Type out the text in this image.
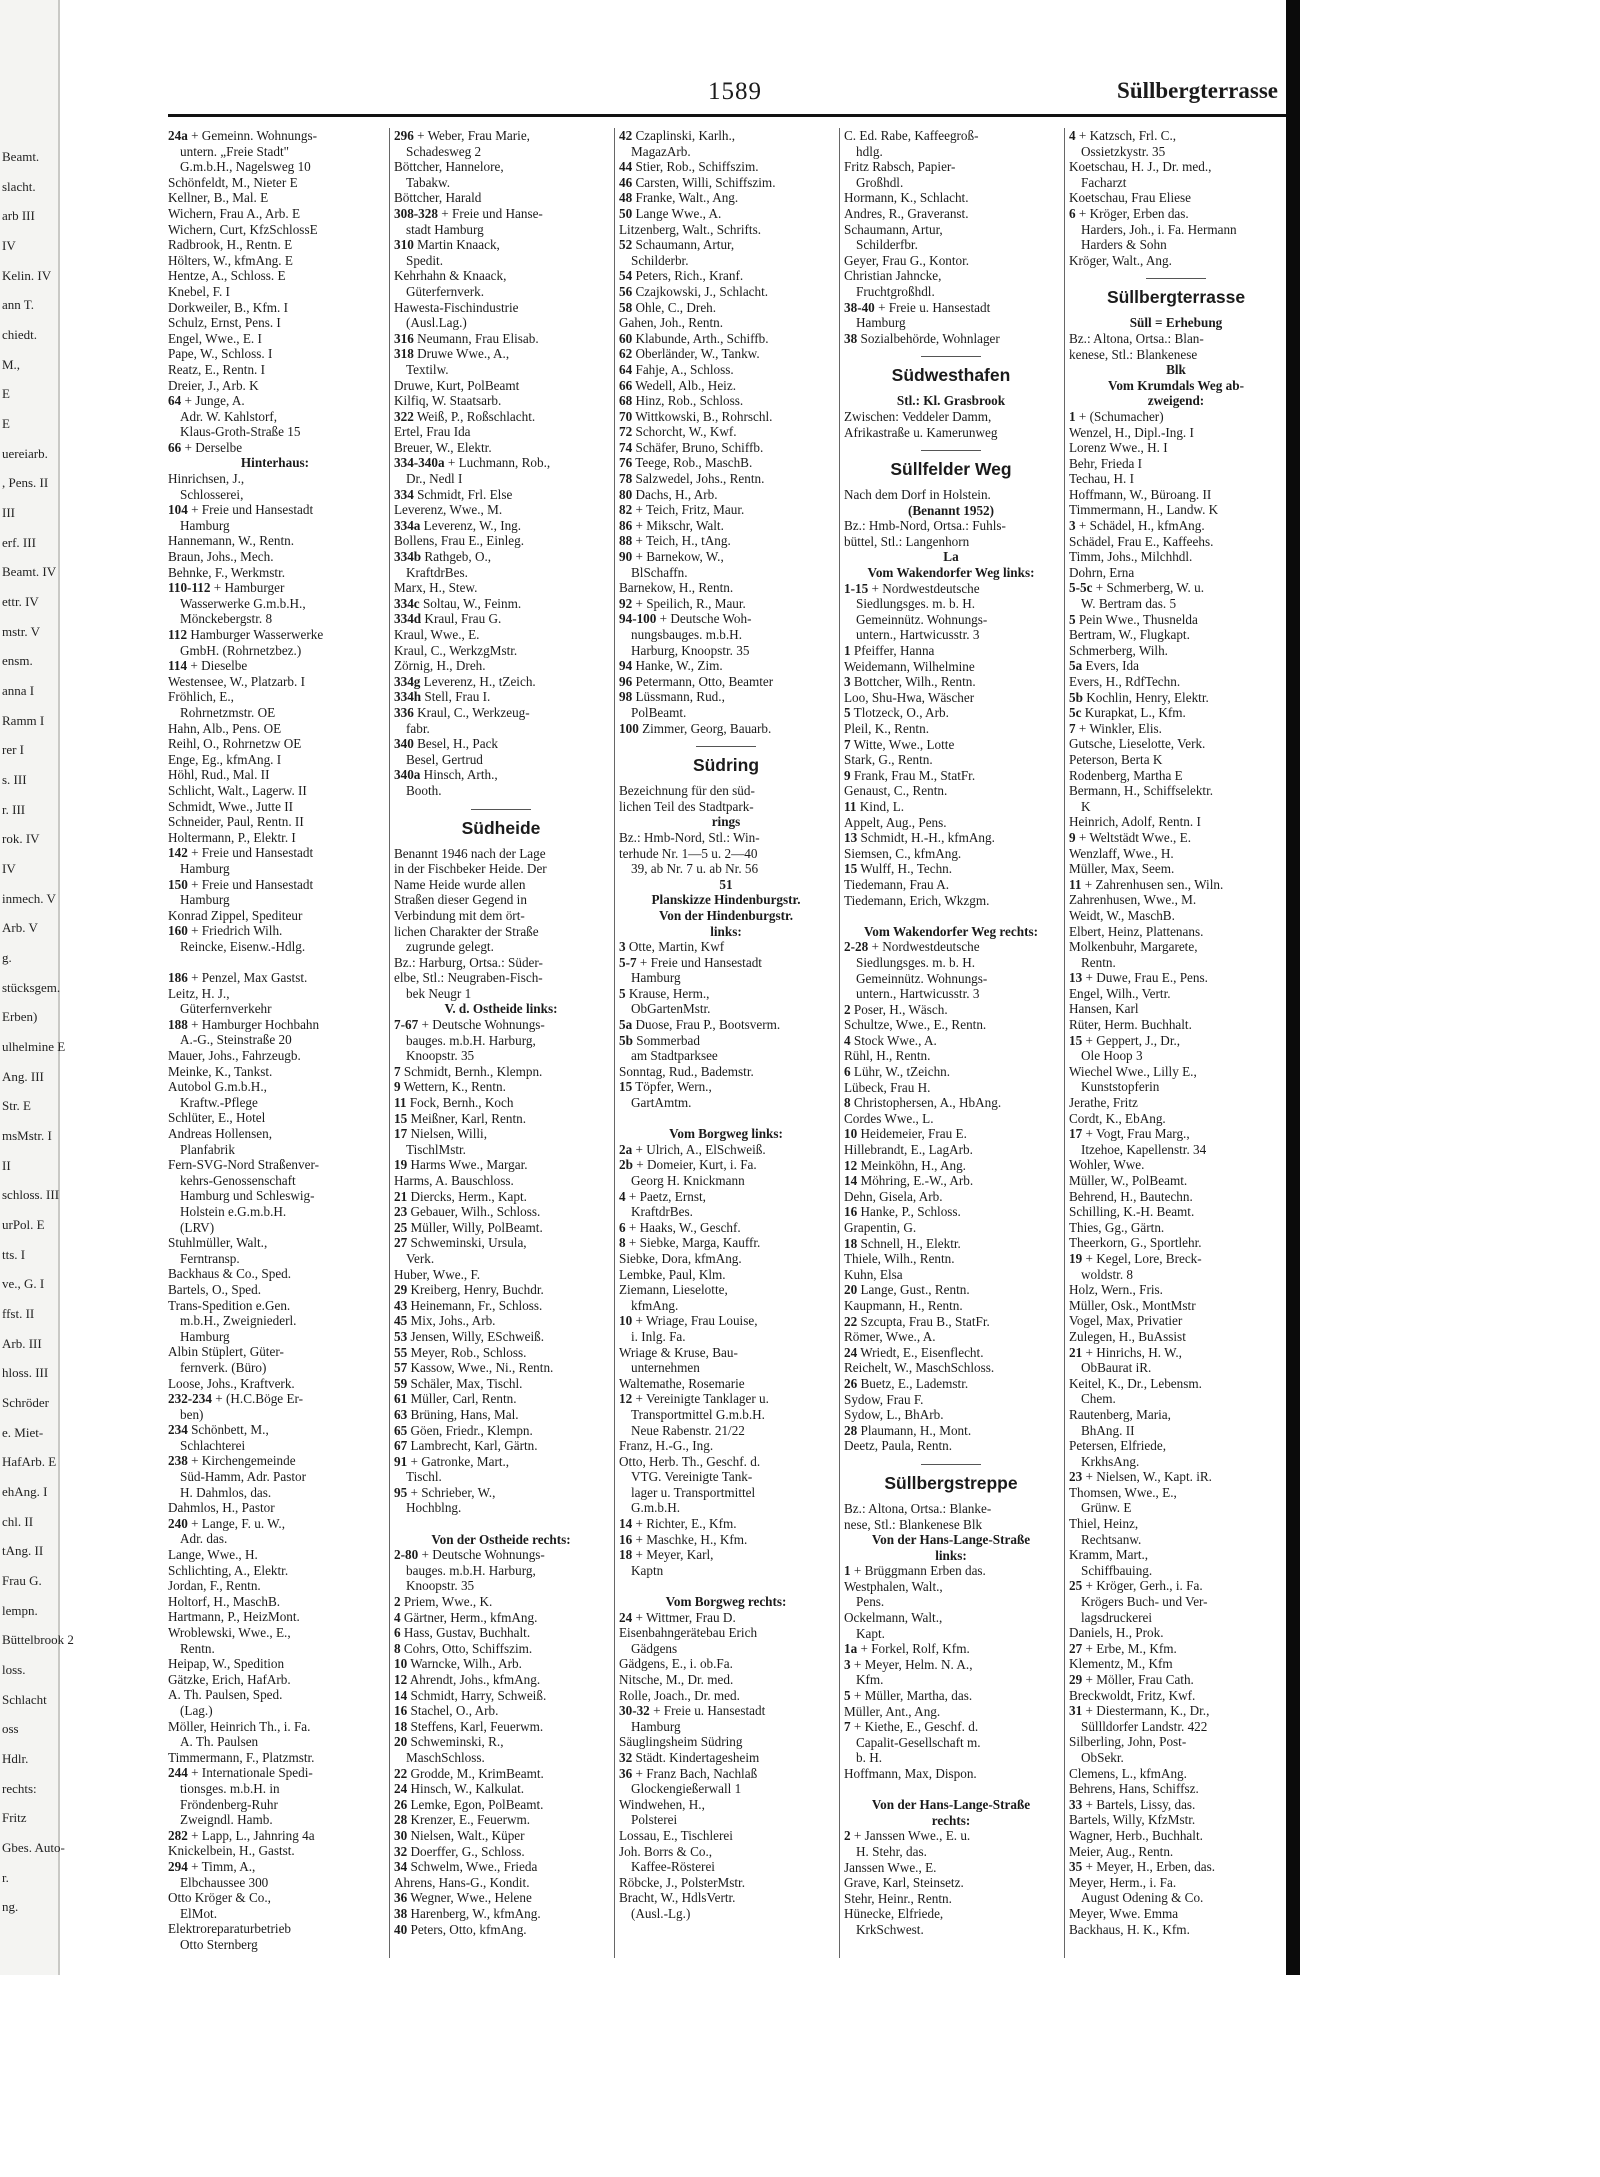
Beamt.
slacht.
arb III
IV
Kelin. IV
ann T.
chiedt.
M.,
E
E
uereiarb.
, Pens. II
III
erf. III
Beamt. IV
ettr. IV
mstr. V
ensm.
anna I
Ramm I
rer I
s. III
r. III
rok. IV
IV
inmech. V
Arb. V
g.
stücksgem.
Erben)
ulhelmine E
Ang. III
Str. E
msMstr. I
II
schloss. III
urPol. E
tts. I
ve., G. I
ffst. II
Arb. III
hloss. III
Schröder
e. Miet-
HafArb. E
ehAng. I
chl. II
tAng. II
Frau G.
lempn.
Büttelbrook 2
loss.
Schlacht
oss
Hdlr.
rechts:
Fritz
Gbes. Auto-
r.
ng.
1589	Süllbergterrasse
24a + Gemeinn. Wohnungs-
untern. „Freie Stadt"
G.m.b.H., Nagelsweg 10
Schönfeldt, M., Nieter E
Kellner, B., Mal. E
Wichern, Frau A., Arb. E
Wichern, Curt, KfzSchlossE
Radbrook, H., Rentn. E
Hölters, W., kfmAng. E
Hentze, A., Schloss. E
Knebel, F. I
Dorkweiler, B., Kfm. I
Schulz, Ernst, Pens. I
Engel, Wwe., E. I
Pape, W., Schloss. I
Reatz, E., Rentn. I
Dreier, J., Arb. K
64 + Junge, A.
Adr. W. Kahlstorf,
Klaus-Groth-Straße 15
66 + Derselbe
Hinterhaus:
Hinrichsen, J.,
Schlosserei,
104 + Freie und Hansestadt
Hamburg
Hannemann, W., Rentn.
Braun, Johs., Mech.
Behnke, F., Werkmstr.
110-112 + Hamburger
Wasserwerke G.m.b.H.,
Mönckebergstr. 8
112 Hamburger Wasserwerke
GmbH. (Rohrnetzbez.)
114 + Dieselbe
Westensee, W., Platzarb. I
Fröhlich, E.,
Rohrnetzmstr. OE
Hahn, Alb., Pens. OE
Reihl, O., Rohrnetzw OE
Enge, Eg., kfmAng. I
Höhl, Rud., Mal. II
Schlicht, Walt., Lagerw. II
Schmidt, Wwe., Jutte II
Schneider, Paul, Rentn. II
Holtermann, P., Elektr. I
142 + Freie und Hansestadt
Hamburg
150 + Freie und Hansestadt
Hamburg
Konrad Zippel, Spediteur
160 + Friedrich Wilh.
Reincke, Eisenw.-Hdlg.

186 + Penzel, Max Gastst.
Leitz, H. J.,
Güterfernverkehr
188 + Hamburger Hochbahn
A.-G., Steinstraße 20
Mauer, Johs., Fahrzeugb.
Meinke, K., Tankst.
Autobol G.m.b.H.,
Kraftw.-Pflege
Schlüter, E., Hotel
Andreas Hollensen,
Planfabrik
Fern-SVG-Nord Straßenver-
kehrs-Genossenschaft
Hamburg und Schleswig-
Holstein e.G.m.b.H.
(LRV)
Stuhlmüller, Walt.,
Ferntransp.
Backhaus & Co., Sped.
Bartels, O., Sped.
Trans-Spedition e.Gen.
m.b.H., Zweigniederl.
Hamburg
Albin Stüplert, Güter-
fernverk. (Büro)
Loose, Johs., Kraftverk.
232-234 + (H.C.Böge Er-
ben)
234 Schönbett, M.,
Schlachterei
238 + Kirchengemeinde
Süd-Hamm, Adr. Pastor
H. Dahmlos, das.
Dahmlos, H., Pastor
240 + Lange, F. u. W.,
Adr. das.
Lange, Wwe., H.
Schlichting, A., Elektr.
Jordan, F., Rentn.
Holtorf, H., MaschB.
Hartmann, P., HeizMont.
Wroblewski, Wwe., E.,
Rentn.
Heipap, W., Spedition
Gätzke, Erich, HafArb.
A. Th. Paulsen, Sped.
(Lag.)
Möller, Heinrich Th., i. Fa.
A. Th. Paulsen
Timmermann, F., Platzmstr.
244 + Internationale Spedi-
tionsges. m.b.H. in
Fröndenberg-Ruhr
Zweigndl. Hamb.
282 + Lapp, L., Jahnring 4a
Knickelbein, H., Gastst.
294 + Timm, A.,
Elbchaussee 300
Otto Kröger & Co.,
ElMot.
Elektroreparaturbetrieb
Otto Sternberg
296 + Weber, Frau Marie,
Schadesweg 2
Böttcher, Hannelore,
Tabakw.
Böttcher, Harald
308-328 + Freie und Hanse-
stadt Hamburg
310 Martin Knaack,
Spedit.
Kehrhahn & Knaack,
Güterfernverk.
Hawesta-Fischindustrie
(Ausl.Lag.)
316 Neumann, Frau Elisab.
318 Druwe Wwe., A.,
Textilw.
Druwe, Kurt, PolBeamt
Kilfiq, W. Staatsarb.
322 Weiß, P., Roßschlacht.
Ertel, Frau Ida
Breuer, W., Elektr.
334-340a + Luchmann, Rob.,
Dr., Nedl I
334 Schmidt, Frl. Else
Leverenz, Wwe., M.
334a Leverenz, W., Ing.
Bollens, Frau E., Einleg.
334b Rathgeb, O.,
KraftdrBes.
Marx, H., Stew.
334c Soltau, W., Feinm.
334d Kraul, Frau G.
Kraul, Wwe., E.
Kraul, C., WerkzgMstr.
Zörnig, H., Dreh.
334g Leverenz, H., tZeich.
334h Stell, Frau I.
336 Kraul, C., Werkzeug-
fabr.
340 Besel, H., Pack
Besel, Gertrud
340a Hinsch, Arth.,
Booth.
Südheide
Benannt 1946 nach der Lage
in der Fischbeker Heide. Der
Name Heide wurde allen
Straßen dieser Gegend in
Verbindung mit dem ört-
lichen Charakter der Straße
zugrunde gelegt.
Bz.: Harburg, Ortsa.: Süder-
elbe, Stl.: Neugraben-Fisch-
bek Neugr 1
V. d. Ostheide links:
7-67 + Deutsche Wohnungs-
bauges. m.b.H. Harburg,
Knoopstr. 35
7 Schmidt, Bernh., Klempn.
9 Wettern, K., Rentn.
11 Fock, Bernh., Koch
15 Meißner, Karl, Rentn.
17 Nielsen, Willi,
TischlMstr.
19 Harms Wwe., Margar.
Harms, A. Bauschloss.
21 Diercks, Herm., Kapt.
23 Gebauer, Wilh., Schloss.
25 Müller, Willy, PolBeamt.
27 Schweminski, Ursula,
Verk.
Huber, Wwe., F.
29 Kreiberg, Henry, Buchdr.
43 Heinemann, Fr., Schloss.
45 Mix, Johs., Arb.
53 Jensen, Willy, ESchweiß.
55 Meyer, Rob., Schloss.
57 Kassow, Wwe., Ni., Rentn.
59 Schäler, Max, Tischl.
61 Müller, Carl, Rentn.
63 Brüning, Hans, Mal.
65 Göen, Friedr., Klempn.
67 Lambrecht, Karl, Gärtn.
91 + Gatronke, Mart.,
Tischl.
95 + Schrieber, W.,
Hochblng.

Von der Ostheide rechts:
2-80 + Deutsche Wohnungs-
bauges. m.b.H. Harburg,
Knoopstr. 35
2 Priem, Wwe., K.
4 Gärtner, Herm., kfmAng.
6 Hass, Gustav, Buchhalt.
8 Cohrs, Otto, Schiffszim.
10 Warncke, Wilh., Arb.
12 Ahrendt, Johs., kfmAng.
14 Schmidt, Harry, Schweiß.
16 Stachel, O., Arb.
18 Steffens, Karl, Feuerwm.
20 Schweminski, R.,
MaschSchloss.
22 Grodde, M., KrimBeamt.
24 Hinsch, W., Kalkulat.
26 Lemke, Egon, PolBeamt.
28 Krenzer, E., Feuerwm.
30 Nielsen, Walt., Küper
32 Doerffer, G., Schloss.
34 Schwelm, Wwe., Frieda
Ahrens, Hans-G., Kondit.
36 Wegner, Wwe., Helene
38 Harenberg, W., kfmAng.
40 Peters, Otto, kfmAng.
42 Czaplinski, Karlh.,
MagazArb.
44 Stier, Rob., Schiffszim.
46 Carsten, Willi, Schiffszim.
48 Franke, Walt., Ang.
50 Lange Wwe., A.
Litzenberg, Walt., Schrifts.
52 Schaumann, Artur,
Schilderbr.
54 Peters, Rich., Kranf.
56 Czajkowski, J., Schlacht.
58 Ohle, C., Dreh.
Gahen, Joh., Rentn.
60 Klabunde, Arth., Schiffb.
62 Oberländer, W., Tankw.
64 Fahje, A., Schloss.
66 Wedell, Alb., Heiz.
68 Hinz, Rob., Schloss.
70 Wittkowski, B., Rohrschl.
72 Schorcht, W., Kwf.
74 Schäfer, Bruno, Schiffb.
76 Teege, Rob., MaschB.
78 Salzwedel, Johs., Rentn.
80 Dachs, H., Arb.
82 + Teich, Fritz, Maur.
86 + Mikschr, Walt.
88 + Teich, H., tAng.
90 + Barnekow, W.,
BlSchaffn.
Barnekow, H., Rentn.
92 + Speilich, R., Maur.
94-100 + Deutsche Woh-
nungsbauges. m.b.H.
Harburg, Knoopstr. 35
94 Hanke, W., Zim.
96 Petermann, Otto, Beamter
98 Lüssmann, Rud.,
PolBeamt.
100 Zimmer, Georg, Bauarb.
Südring
Bezeichnung für den süd-
lichen Teil des Stadtpark-
rings
Bz.: Hmb-Nord, Stl.: Win-
terhude Nr. 1—5 u. 2—40
39, ab Nr. 7 u. ab Nr. 56
51
Planskizze Hindenburgstr.
Von der Hindenburgstr.
links:
3 Otte, Martin, Kwf
5-7 + Freie und Hansestadt
Hamburg
5 Krause, Herm.,
ObGartenMstr.
5a Duose, Frau P., Bootsverm.
5b Sommerbad
am Stadtparksee
Sonntag, Rud., Bademstr.
15 Töpfer, Wern.,
GartAmtm.

Vom Borgweg links:
2a + Ulrich, A., ElSchweiß.
2b + Domeier, Kurt, i. Fa.
Georg H. Knickmann
4 + Paetz, Ernst,
KraftdrBes.
6 + Haaks, W., Geschf.
8 + Siebke, Marga, Kauffr.
Siebke, Dora, kfmAng.
Lembke, Paul, Klm.
Ziemann, Lieselotte,
kfmAng.
10 + Wriage, Frau Louise,
i. Inlg. Fa.
Wriage & Kruse, Bau-
unternehmen
Waltemathe, Rosemarie
12 + Vereinigte Tanklager u.
Transportmittel G.m.b.H.
Neue Rabenstr. 21/22
Franz, H.-G., Ing.
Otto, Herb. Th., Geschf. d.
VTG. Vereinigte Tank-
lager u. Transportmittel
G.m.b.H.
14 + Richter, E., Kfm.
16 + Maschke, H., Kfm.
18 + Meyer, Karl,
Kaptn

Vom Borgweg rechts:
24 + Wittmer, Frau D.
Eisenbahngerätebau Erich
Gädgens
Gädgens, E., i. ob.Fa.
Nitsche, M., Dr. med.
Rolle, Joach., Dr. med.
30-32 + Freie u. Hansestadt
Hamburg
Säuglingsheim Südring
32 Städt. Kindertagesheim
36 + Franz Bach, Nachlaß
Glockengießerwall 1
Windwehen, H.,
Polsterei
Lossau, E., Tischlerei
Joh. Borrs & Co.,
Kaffee-Rösterei
Röbcke, J., PolsterMstr.
Bracht, W., HdlsVertr.
(Ausl.-Lg.)
C. Ed. Rabe, Kaffeegroß-
hdlg.
Fritz Rabsch, Papier-
Großhdl.
Hormann, K., Schlacht.
Andres, R., Graveranst.
Schaumann, Artur,
Schilderfbr.
Geyer, Frau G., Kontor.
Christian Jahncke,
Fruchtgroßhdl.
38-40 + Freie u. Hansestadt
Hamburg
38 Sozialbehörde, Wohnlager
Südwesthafen
Stl.: Kl. Grasbrook
Zwischen: Veddeler Damm,
Afrikastraße u. Kamerunweg
Süllfelder Weg
Nach dem Dorf in Holstein.
(Benannt 1952)
Bz.: Hmb-Nord, Ortsa.: Fuhls-
büttel, Stl.: Langenhorn
La
Vom Wakendorfer Weg links:
1-15 + Nordwestdeutsche
Siedlungsges. m. b. H.
Gemeinnütz. Wohnungs-
untern., Hartwicusstr. 3
1 Pfeiffer, Hanna
Weidemann, Wilhelmine
3 Bottcher, Wilh., Rentn.
Loo, Shu-Hwa, Wäscher
5 Tlotzeck, O., Arb.
Pleil, K., Rentn.
7 Witte, Wwe., Lotte
Stark, G., Rentn.
9 Frank, Frau M., StatFr.
Genaust, C., Rentn.
11 Kind, L.
Appelt, Aug., Pens.
13 Schmidt, H.-H., kfmAng.
Siemsen, C., kfmAng.
15 Wulff, H., Techn.
Tiedemann, Frau A.
Tiedemann, Erich, Wkzgm.

Vom Wakendorfer Weg rechts:
2-28 + Nordwestdeutsche
Siedlungsges. m. b. H.
Gemeinnütz. Wohnungs-
untern., Hartwicusstr. 3
2 Poser, H., Wäsch.
Schultze, Wwe., E., Rentn.
4 Stock Wwe., A.
Rühl, H., Rentn.
6 Lühr, W., tZeichn.
Lübeck, Frau H.
8 Christophersen, A., HbAng.
Cordes Wwe., L.
10 Heidemeier, Frau E.
Hillebrandt, E., LagArb.
12 Meinköhn, H., Ang.
14 Möhring, E.-W., Arb.
Dehn, Gisela, Arb.
16 Hanke, P., Schloss.
Grapentin, G.
18 Schnell, H., Elektr.
Thiele, Wilh., Rentn.
Kuhn, Elsa
20 Lange, Gust., Rentn.
Kaupmann, H., Rentn.
22 Szcupta, Frau B., StatFr.
Römer, Wwe., A.
24 Wriedt, E., Eisenflecht.
Reichelt, W., MaschSchloss.
26 Buetz, E., Lademstr.
Sydow, Frau F.
Sydow, L., BhArb.
28 Plaumann, H., Mont.
Deetz, Paula, Rentn.
Süllbergstreppe
Bz.: Altona, Ortsa.: Blanke-
nese, Stl.: Blankenese Blk
Von der Hans-Lange-Straße
links:
1 + Brüggmann Erben das.
Westphalen, Walt.,
Pens.
Ockelmann, Walt.,
Kapt.
1a + Forkel, Rolf, Kfm.
3 + Meyer, Helm. N. A.,
Kfm.
5 + Müller, Martha, das.
Müller, Ant., Ang.
7 + Kiethe, E., Geschf. d.
Capalit-Gesellschaft m.
b. H.
Hoffmann, Max, Dispon.

Von der Hans-Lange-Straße
rechts:
2 + Janssen Wwe., E. u.
H. Stehr, das.
Janssen Wwe., E.
Grave, Karl, Steinsetz.
Stehr, Heinr., Rentn.
Hünecke, Elfriede,
KrkSchwest.
4 + Katzsch, Frl. C.,
Ossietzkystr. 35
Koetschau, H. J., Dr. med.,
Facharzt
Koetschau, Frau Eliese
6 + Kröger, Erben das.
Harders, Joh., i. Fa. Hermann
Harders & Sohn
Kröger, Walt., Ang.
Süllbergterrasse
Süll = Erhebung
Bz.: Altona, Ortsa.: Blan-
kenese, Stl.: Blankenese
Blk
Vom Krumdals Weg ab-
zweigend:
1 + (Schumacher)
Wenzel, H., Dipl.-Ing. I
Lorenz Wwe., H. I
Behr, Frieda I
Techau, H. I
Hoffmann, W., Büroang. II
Timmermann, H., Landw. K
3 + Schädel, H., kfmAng.
Schädel, Frau E., Kaffeehs.
Timm, Johs., Milchhdl.
Dohrn, Erna
5-5c + Schmerberg, W. u.
W. Bertram das. 5
5 Pein Wwe., Thusnelda
Bertram, W., Flugkapt.
Schmerberg, Wilh.
5a Evers, Ida
Evers, H., RdfTechn.
5b Kochlin, Henry, Elektr.
5c Kurapkat, L., Kfm.
7 + Winkler, Elis.
Gutsche, Lieselotte, Verk.
Peterson, Berta K
Rodenberg, Martha E
Bermann, H., Schiffselektr.
K
Heinrich, Adolf, Rentn. I
9 + Weltstädt Wwe., E.
Wenzlaff, Wwe., H.
Müller, Max, Seem.
11 + Zahrenhusen sen., Wiln.
Zahrenhusen, Wwe., M.
Weidt, W., MaschB.
Elbert, Heinz, Plattenans.
Molkenbuhr, Margarete,
Rentn.
13 + Duwe, Frau E., Pens.
Engel, Wilh., Vertr.
Hansen, Karl
Rüter, Herm. Buchhalt.
15 + Geppert, J., Dr.,
Ole Hoop 3
Wiechel Wwe., Lilly E.,
Kunststopferin
Jerathe, Fritz
Cordt, K., EbAng.
17 + Vogt, Frau Marg.,
Itzehoe, Kapellenstr. 34
Wohler, Wwe.
Müller, W., PolBeamt.
Behrend, H., Bautechn.
Schilling, K.-H. Beamt.
Thies, Gg., Gärtn.
Theerkorn, G., Sportlehr.
19 + Kegel, Lore, Breck-
woldstr. 8
Holz, Wern., Fris.
Müller, Osk., MontMstr
Vogel, Max, Privatier
Zulegen, H., BuAssist
21 + Hinrichs, H. W.,
ObBaurat iR.
Keitel, K., Dr., Lebensm.
Chem.
Rautenberg, Maria,
BhAng. II
Petersen, Elfriede,
KrkhsAng.
23 + Nielsen, W., Kapt. iR.
Thomsen, Wwe., E.,
Grünw. E
Thiel, Heinz,
Rechtsanw.
Kramm, Mart.,
Schiffbauing.
25 + Kröger, Gerh., i. Fa.
Krögers Buch- und Ver-
lagsdruckerei
Daniels, H., Prok.
27 + Erbe, M., Kfm.
Klementz, M., Kfm
29 + Möller, Frau Cath.
Breckwoldt, Fritz, Kwf.
31 + Diestermann, K., Dr.,
Süllldorfer Landstr. 422
Silberling, John, Post-
ObSekr.
Clemens, L., kfmAng.
Behrens, Hans, Schiffsz.
33 + Bartels, Lissy, das.
Bartels, Willy, KfzMstr.
Wagner, Herb., Buchhalt.
Meier, Aug., Rentn.
35 + Meyer, H., Erben, das.
Meyer, Herm., i. Fa.
August Odening & Co.
Meyer, Wwe. Emma
Backhaus, H. K., Kfm.
